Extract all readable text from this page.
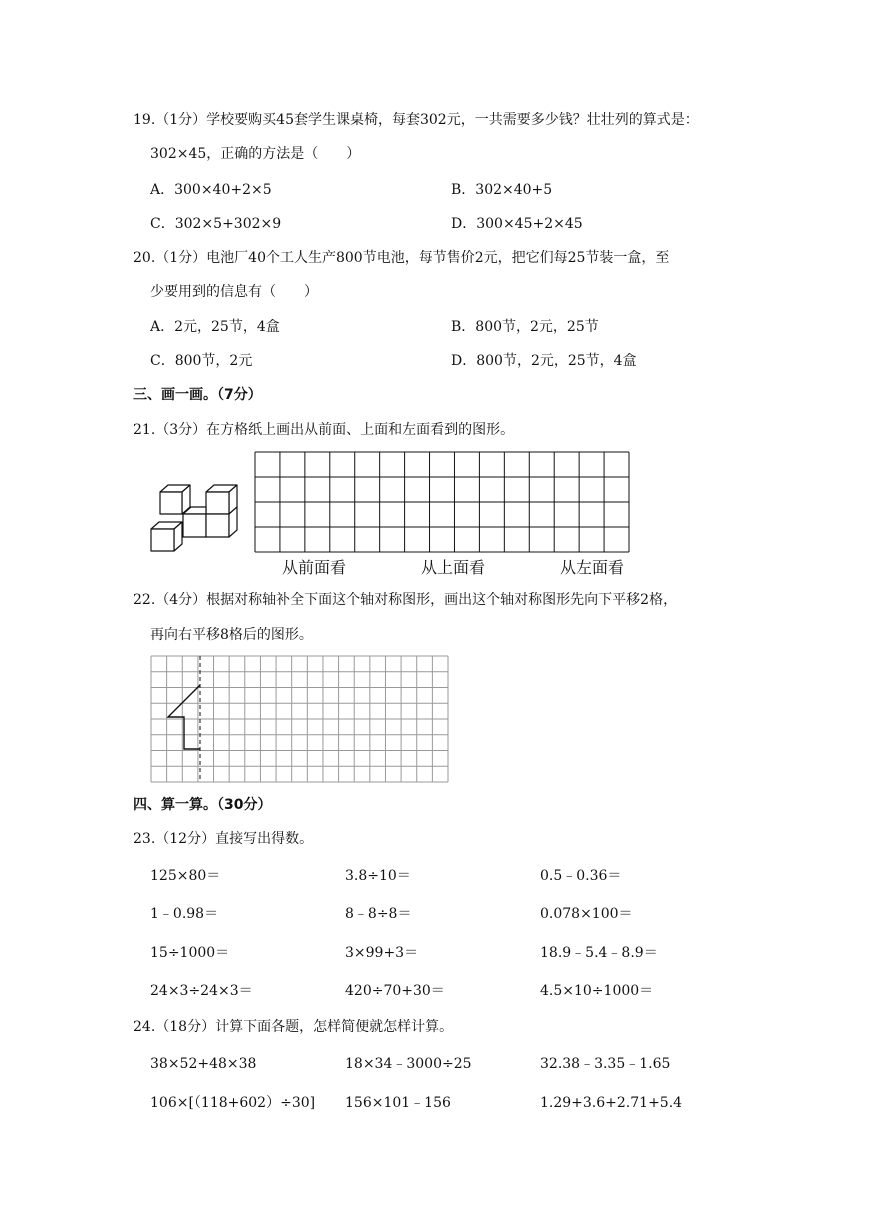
19.（1分）学校要购买45套学生课桌椅，每套302元，一共需要多少钱？壮壮列的算式是：
302×45，正确的方法是（　　）
A．300×40+2×5	B．302×40+5
C．302×5+302×9	D．300×45+2×45
20.（1分）电池厂40个工人生产800节电池，每节售价2元，把它们每25节装一盒，至
少要用到的信息有（　　）
A．2元，25节，4盒	B．800节，2元，25节
C．800节，2元	D．800节，2元，25节，4盒
三、画一画。（7分）
21.（3分）在方格纸上画出从前面、上面和左面看到的图形。
从前面看	从上面看	从左面看
22.（4分）根据对称轴补全下面这个轴对称图形，画出这个轴对称图形先向下平移2格，
再向右平移8格后的图形。
四、算一算。（30分）
23.（12分）直接写出得数。
125×80＝	3.8÷10＝	0.5﹣0.36＝
1﹣0.98＝	8﹣8÷8＝	0.078×100＝
15÷1000＝	3×99+3＝	18.9﹣5.4﹣8.9＝
24×3÷24×3＝	420÷70+30＝	4.5×10÷1000＝
24.（18分）计算下面各题，怎样简便就怎样计算。
38×52+48×38	18×34﹣3000÷25	32.38﹣3.35﹣1.65
106×[（118+602）÷30] 156×101﹣156	1.29+3.6+2.71+5.4
